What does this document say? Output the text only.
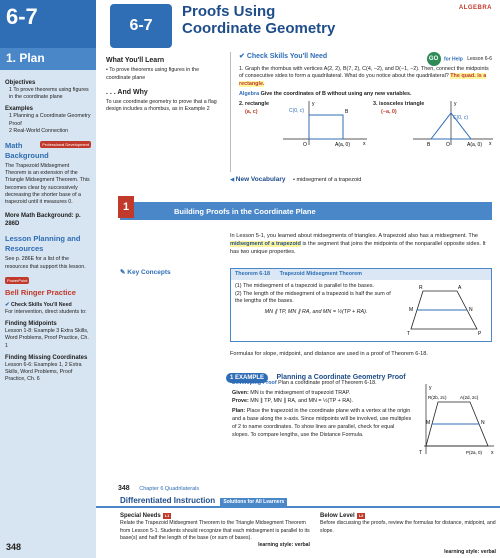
6-7
1. Plan
Objectives
1 To prove theorems using figures in the coordinate plane
Examples
1 Planning a Coordinate Geometry Proof
2 Real-World Connection
Professional Development
Math Background
The Trapezoid Midsegment Theorem is an extension of the Triangle Midsegment Theorem. This becomes clear by successively decreasing the shorter base of a trapezoid until it measures 0.
More Math Background: p. 286D
Lesson Planning and Resources
See p. 286E for a list of the resources that support this lesson.
PowerPoint
Bell Ringer Practice
✔ Check Skills You'll Need
For intervention, direct students to:
Finding Midpoints
Lesson 1-8: Example 3 Extra Skills, Word Problems, Proof Practice, Ch. 1
Finding Missing Coordinates
Lesson 6-6: Examples 1, 2 Extra Skills, Word Problems, Proof Practice, Ch. 6
348
6-7
Proofs Using
Coordinate Geometry
ALGEBRA
What You'll Learn
• To prove theorems using figures in the coordinate plane
. . . And Why
To use coordinate geometry to prove that a flag design includes a rhombus, as in Example 2
✔ Check Skills You'll Need	GO for Help Lesson 6-6
1. Graph the rhombus with vertices A(2, 2), B(7, 2), C(4, −2), and D(−1, −2). Then, connect the midpoints of consecutive sides to form a quadrilateral. What do you notice about the quadrilateral? The quad. is a rectangle.
Algebra Give the coordinates of B without using any new variables.
2. rectangle
(a, c)
y
x
C(0, c)	B
O	A(a, 0)
3. isosceles triangle
(−a, 0)
y
x
C(0, c)
B	O	A(a, 0)
◀ New Vocabulary • midsegment of a trapezoid
Building Proofs in the Coordinate Plane
1
In Lesson 5-1, you learned about midsegments of triangles. A trapezoid also has a midsegment. The midsegment of a trapezoid is the segment that joins the midpoints of the nonparallel opposite sides. It has two unique properties.
✎ Key Concepts	Theorem 6-18 Trapezoid Midsegment Theorem
(1) The midsegment of a trapezoid is parallel to the bases.
(2) The length of the midsegment of a trapezoid is half the sum of the lengths of the bases.
MN ∥ TP, MN ∥ RA, and MN = ½(TP + RA).
R	A
M	N
T	P
Formulas for slope, midpoint, and distance are used in a proof of Theorem 6-18.
1 EXAMPLE Planning a Coordinate Geometry Proof
Developing Proof Plan a coordinate proof of Theorem 6-18.
Given: MN is the midsegment of trapezoid TRAP.
Prove: MN ∥ TP, MN ∥ RA, and MN = ½(TP + RA).
Plan: Place the trapezoid in the coordinate plane with a vertex at the origin and a base along the x-axis. Since midpoints will be involved, use multiples of 2 to name coordinates. To show lines are parallel, check for equal slopes. To compare lengths, use the Distance Formula.
y
x
R(2b, 2c)	A(2d, 2c)
M	N
T	P(2a, 0)
348 Chapter 6 Quadrilaterals
Differentiated Instruction Solutions for All Learners
Special Needs L1
Relate the Trapezoid Midsegment Theorem to the Triangle Midsegment Theorem from Lesson 5-1. Students should recognize that each midsegment is parallel to its base(s) and half the length of the base (or sum of bases).
learning style: verbal
Below Level L2
Before discussing the proofs, review the formulas for distance, midpoint, and slope.
learning style: verbal
